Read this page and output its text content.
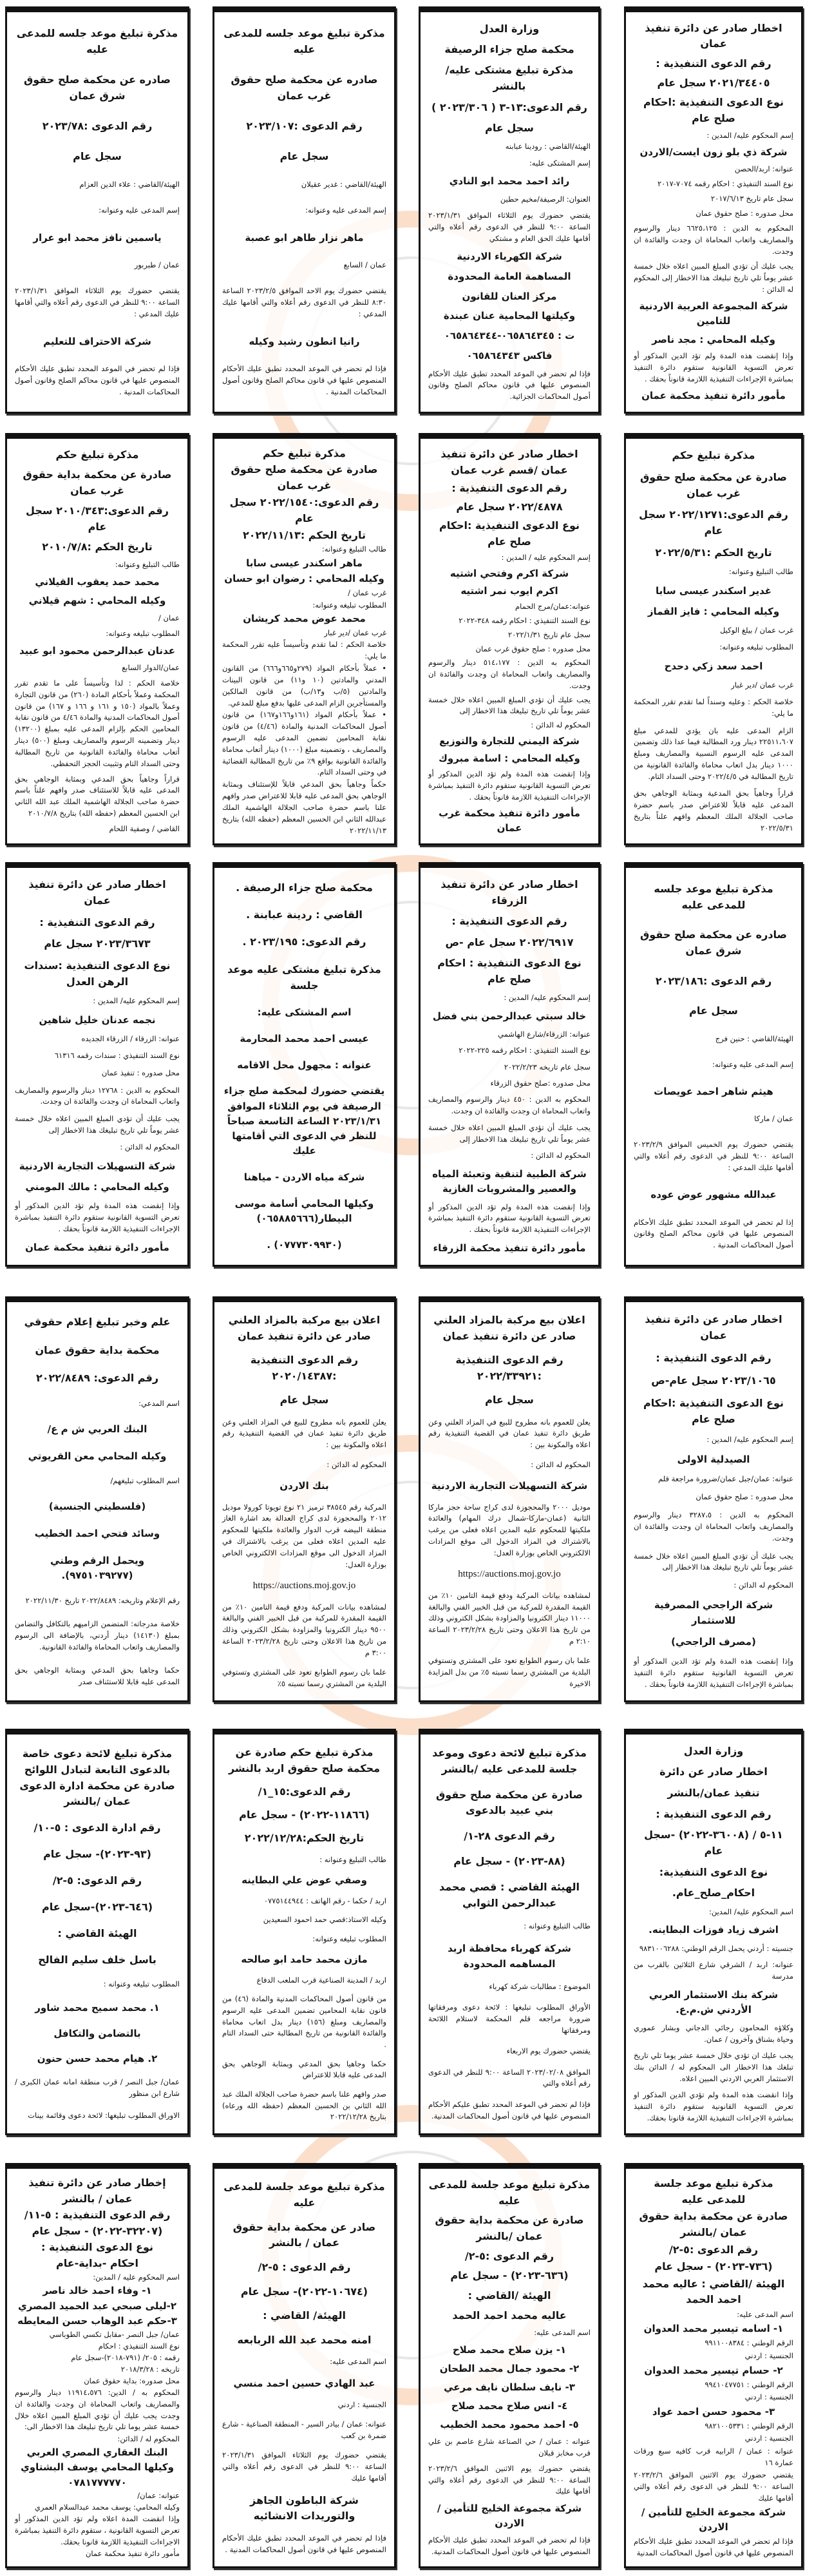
اخطار صادر عن دائرة تنفيذ عمان

رقم الدعوى التنفيذية :

٢٠٢١/٣٤٤٠٥ سجل عام

نوع الدعوى التنفيذية :احكام صلح عام

إسم المحكوم عليه/ المدين :

شركة ذي بلو زون ايست/الاردن

عنوانه: اربد/الحصن

نوع السند التنفيذي : احكام رقمه ٧٠٧٤-٢٠١٧

سجل عام تاريخ ٢٠١٧/٦/١٣

محل صدوره : صلح حقوق عمان

المحكوم به الدين : ٦٦٢٥،١٢٥ دينار والرسوم والمصاريف واتعاب المحاماة ان وجدت والفائدة ان وجدت.

يجب عليك أن تؤدي المبلغ المبين اعلاه خلال خمسة عشر يوماً تلي تاريخ تبليغك هذا الاخطار إلى المحكوم له الدائن :

شركة المجموعة العربية الاردنية للتامين

وكيله المحامي : مجد ناصر

وإذا إنقضت هذه المدة ولم تؤد الدين المذكور أو تعرض التسوية القانونية ستقوم دائرة التنفيذ بمباشرة الإجراءات التنفيذية اللازمة قانوناً بحقك .

مأمور دائرة تنفيذ محكمة عمان

وزارة العدل

محكمة صلح جزاء الرصيفة

مذكرة تبليغ مشتكى عليه/ بالنشر

رقم الدعوى:١٣-٣ ( ٢٠٢٣/٣٠٦ )

سجل عام

الهيئة/القاضي : رودينا عبابنه

إسم المشتكى عليه:

رائد احمد محمد ابو النادي

العنوان: الرصيفة/مخيم حطين

يقتضي حضورك يوم الثلاثاء الموافق ٢٠٢٣/١/٣١ الساعة ٩:٠٠ للنظر في الدعوى رقم أعلاه والتي أقامها عليك الحق العام و مشتكي

شركة الكهرباء الاردنية

المساهمة العامة المحدودة

مركز العنان للقانون

وكيلتها المحامية عنان عبندة

ت : ٠٦٥٨٦٤٣٤٥-٠٦٥٨٦٤٣٤٤

فاكس ٠٦٥٨٦٤٣٤٣

فإذا لم تحضر في الموعد المحدد تطبق عليك الأحكام المنصوص عليها في قانون محاكم الصلح وقانون أصول المحاكمات الجزائية.

مذكرة تبليغ موعد جلسه للمدعى عليه

صادره عن محكمة صلح حقوق غرب عمان

رقم الدعوى :٢٠٢٣/١٠٧

سجل عام

الهيئة/القاضي : غدير عقيلان

إسم المدعى عليه وعنوانه:

ماهر نزار طاهر ابو عصبة

عمان / السابع

يقتضي حضورك يوم الاحد الموافق ٢٠٢٣/٢/٥ الساعة ٨:٣٠ للنظر في الدعوى رقم أعلاه والتي أقامها عليك المدعي :

رانيا انطون رشيد وكيله

فإذا لم تحضر في الموعد المحدد تطبق عليك الأحكام المنصوص عليها في قانون محاكم الصلح وقانون أصول المحاكمات المدنية .

مذكرة تبليغ موعد جلسه للمدعى عليه

صادره عن محكمة صلح حقوق شرق عمان

رقم الدعوى :٢٠٢٣/٧٨

سجل عام

الهيئة/القاضي : علاء الدين العزام

إسم المدعى عليه وعنوانه:

ياسمين نافز محمد ابو عرار

عمان / طبربور

يقتضي حضورك يوم الثلاثاء الموافق ٢٠٢٣/١/٣١ الساعة ٩:٠٠ للنظر في الدعوى رقم أعلاه والتي أقامها عليك المدعي :

شركة الاحتراف للتعليم

فإذا لم تحضر في الموعد المحدد تطبق عليك الأحكام المنصوص عليها في قانون محاكم الصلح وقانون أصول المحاكمات المدنية .

مذكرة تبليغ حكم

صادرة عن محكمة صلح حقوق غرب عمان

رقم الدعوى:٢٠٢٢/١٢٧١ سجل عام

تاريخ الحكم :٢٠٢٢/٥/٣١

طالب التبليغ وعنوانه:

غدير اسكندر عيسى سابا

وكيله المحامي : فايز القماز

غرب عمان / بيلغ الوكيل

المطلوب تبليغه وعنوانه:

احمد سعد زكي دحدح

غرب عمان /دير غبار

خلاصة الحكم : وعليه وسنداً لما تقدم تقرر المحكمة ما يلي:

الزام المدعى عليه بان يؤدي للمدعي مبلغ ٢٢٥١١،٦٠٧ دينار ورد المطالبة فيما عدا ذلك وتضمين المدعى عليه الرسوم النسبية والمصاريف ومبلغ ١٠٠٠ دينار بدل اتعاب محاماة والفائدة القانونية من تاريخ المطالبة في ٢٠٢٢/٤/٥ وحتى السداد التام.

قراراً وجاهياً بحق المدعية وبمثابة الوجاهي بحق المدعى عليه قابلاً للاعتراض صدر باسم حضرة صاحب الجلالة الملك المعظم وافهم علناً بتاريخ ٢٠٢٢/٥/٣١

اخطار صادر عن دائرة تنفيذ عمان /قسم غرب عمان

رقم الدعوى التنفيذية :

٢٠٢٢/٤٨٧٨ سجل عام

نوع الدعوى التنفيذية :احكام صلح عام

إسم المحكوم عليه / المدين :

شركة اكرم وفتحي اشتيه

اكرم ايوب نمر اشتيه

عنوانه:عمان/مرج الحمام

نوع السند التنفيذي : احكام رقمه ٣٤٨-٢٠٢٢

سجل عام تاريخ ٢٠٢٢/١/٣١

محل صدوره : صلح حقوق غرب عمان

المحكوم به الدين : ٥١٤،١٧٧ دينار والرسوم والمصاريف واتعاب المحاماة ان وجدت والفائدة ان وجدت.

يجب عليك أن تؤدي المبلغ المبين اعلاه خلال خمسة عشر يوماً تلي تاريخ تبليغك هذا الاخطار إلى

المحكوم له الدائن :

شركة اليمني للتجارة والتوزيع

وكيله المحامي : اسامة مبروك

وإذا إنقضت هذه المدة ولم تؤد الدين المذكور أو تعرض التسوية القانونية ستقوم دائرة التنفيذ بمباشرة الإجراءات التنفيذية اللازمة قانوناً بحقك .

مأمور دائرة تنفيذ محكمة غرب عمان

مذكرة تبليغ حكم

صادرة عن محكمة صلح حقوق غرب عمان

رقم الدعوى:٢٠٢٢/١٥٤٠ سجل عام

تاريخ الحكم :٢٠٢٢/١١/١٣

طالب التبليغ وعنوانه:

ماهر اسكندر عيسى سابا

وكيله المحامي : رضوان ابو حسان

غرب عمان /

المطلوب تبليغه وعنوانه:

محمد عوض محمد كريشان

غرب عمان /دير غبار

خلاصة الحكم : لما تقدم وتأسيساً عليه تقرر المحكمة ما يلي:

• عملاً بأحكام المواد (٢٧٩و٦٦٥و٦٦٦) من القانون المدني والمادتين (١٠ و١١) من قانون البينات والمادتين (٥/ب و١٣/ب) من قانون المالكين والمستأجرين الزام المدعى عليها بدفع مبلغ للمدعي.

• عملاً بأحكام المواد (١٦١و١٦٦و١٦٧) من قانون أصول المحاكمات المدنية والمادة (٤/٤٦) من قانون نقابة المحامين تضمين المدعى عليه الرسوم والمصاريف ، وتضمينه مبلغ (١٠٠٠) دينار أتعاب محاماة والفائدة القانونية بواقع ٩٪ من تاريخ المطالبة القضائية في وحتى السداد التام.

حكماً وجاهياً بحق المدعي قابلاً للإستئناف وبمثابة الوجاهي بحق المدعى عليه قابلا للاعتراض صدر وافهم علنا باسم حضرة صاحب الجلالة الهاشمية الملك عبدالله الثاني ابن الحسين المعظم (حفظه الله) بتاريخ ٢٠٢٢/١١/١٣

مذكرة تبليغ حكم

صادرة عن محكمة بداية حقوق غرب عمان

رقم الدعوى:٢٠١٠/٣٤٣ سجل عام

تاريخ الحكم :٢٠١٠/٧/٨

طالب التبليغ وعنوانه:

محمد حمد يعقوب القيلاني

وكيله المحامي : شهم قيلاني

عمان /

المطلوب تبليغه وعنوانه:

عدنان عبدالرحمن محمود ابو عبيد

عمان/الدوار السابع

خلاصة الحكم : لذا وتأسيساً على ما تقدم تقرر المحكمة وعملاً بأحكام المادة (٢٦٠) من قانون التجارة وعملاً بالمواد (١٥٠ و ١٦١ و ١٦٦ و ١٦٧) من قانون أصول المحاكمات المدنية والمادة ٤/٤٦ من قانون نقابة المحامين الحكم بإلزام المدعى عليه بمبلغ (١٣٢٠٠) دينار وتضمينه الرسوم والمصاريف ومبلغ (٥٠٠) دينار أتعاب محاماة والفائدة القانونية من تاريخ المطالبة وحتى السداد التام وتثبيت الحجز التحفظي.

قراراً وجاهياً بحق المدعي وبمثابة الوجاهي بحق المدعى عليه قابلاً للاستئناف صدر وافهم علناً باسم حضرة صاحب الجلالة الهاشمية الملك عبد الله الثاني ابن الحسين المعظم (حفظه الله) بتاريخ ٢٠١٠/٧/٨

القاضي / وصفية اللحام

مذكرة تبليغ موعد جلسه للمدعى عليه

صادره عن محكمة صلح حقوق شرق عمان

رقم الدعوى :٢٠٢٣/١٨٦

سجل عام

الهيئة/القاضي : حنين فرج

إسم المدعى عليه وعنوانه:

هيثم شاهر احمد عويصات

عمان / ماركا

يقتضي حضورك يوم الخميس الموافق ٢٠٢٣/٢/٩ الساعة ٩:٠٠ للنظر في الدعوى رقم أعلاه والتي أقامها عليك المدعي :

عبدالله مشهور عوض عوده

إذا لم تحضر في الموعد المحدد تطبق عليك الأحكام المنصوص عليها في قانون محاكم الصلح وقانون أصول المحاكمات المدنية .

اخطار صادر عن دائرة تنفيذ الزرقاء

رقم الدعوى التنفيذية :

٢٠٢٢/٦٩١٧ سجل عام -ص

نوع الدعوى التنفيذية : احكام صلح عام

إسم المحكوم عليه/ المدين :

خالد سبتي عبدالرحمن بني فضل

عنوانه: الزرقاء/شارع الهاشمي

نوع السند التنفيذي : احكام رقمه ٢٢٥-٢٠٢٢

سجل عام تاريخه ٢٠٢٢/٢/٢٣

محل صدوره :صلح حقوق الزرقاء

المحكوم به الدين : ٤٥٠ دينار والرسوم والمصاريف واتعاب المحاماة ان وجدت والفائدة ان وجدت.

يجب عليك أن تؤدي المبلغ المبين اعلاه خلال خمسة عشر يوماً تلي تاريخ تبليغك هذا الاخطار إلى

المحكوم له الدائن :

شركة الطبية لتنقية وتعبئة المياه والعصير والمشروبات الغازية

وإذا إنقضت هذه المدة ولم تؤد الدين المذكور أو تعرض التسوية القانونية ستقوم دائرة التنفيذ بمباشرة الإجراءات التنفيذية اللازمة قانوناً بحقك .

مأمور دائرة تنفيذ محكمة الزرقاء

محكمة صلح جزاء الرصيفة .

القاضي : ردينة عبابنة .

رقم الدعوى: ٢٠٢٣/١٩٥ .

مذكرة تبليغ مشتكى عليه موعد جلسة

اسم المشتكى عليه:

عيسى احمد محمد المحارمة

عنوانه : مجهول محل الاقامه

يقتضي حضورك لمحكمة صلح جزاء الرصيفة في يوم الثلاثاء الموافق ٢٠٢٣/١/٣١ الساعة التاسعة صباحاً للنظر في الدعوى التي أقامتها عليك

شركة مياه الاردن - مياهنا

وكيلها المحامي أسامة موسى البيطار(٠٦٥٨٨٥٦٦٦)

(٠٧٧٧٣٠٩٩٣٠) .

اخطار صادر عن دائرة تنفيذ عمان

رقم الدعوى التنفيذية :

٢٠٢٣/٣٦٧٣ سجل عام

نوع الدعوى التنفيذية :سندات الرهن العدل

إسم المحكوم عليه/ المدين :

نجمه عدنان خليل شاهين

عنوانه: الزرقاء / الزرقاء الجديده

نوع السند التنفيذي : سندات رقمه ٦١٣١٦

محل صدوره : تنفيذ عمان

المحكوم به الدين : ١٢٧٦٨ دينار والرسوم والمصاريف واتعاب المحاماة ان وجدت والفائدة ان وجدت.

يجب عليك أن تؤدي المبلغ المبين اعلاه خلال خمسة عشر يوماً تلي تاريخ تبليغك هذا الاخطار إلى

المحكوم له الدائن :

شركة التسهيلات التجارية الاردنية

وكيله المحامي : مالك المومني

وإذا إنقضت هذه المدة ولم تؤد الدين المذكور أو تعرض التسوية القانونية ستقوم دائرة التنفيذ بمباشرة الإجراءات التنفيذية اللازمة قانوناً بحقك .

مأمور دائرة تنفيذ محكمة عمان

اخطار صادر عن دائرة تنفيذ عمان

رقم الدعوى التنفيذية :

٢٠٢٣/١٠٦٥ سجل عام-ص

نوع الدعوى التنفيذية :احكام صلح عام

إسم المحكوم عليه/ المدين :

الصيدلية الاولى

عنوانه: عمان/جبل عمان/ضرورة مراجعة قلم

محل صدوره : صلح حقوق عمان

المحكوم به الدين : ٣٢٨٧،٥ دينار والرسوم والمصاريف واتعاب المحاماة ان وجدت والفائدة ان وجدت.

يجب عليك أن تؤدي المبلغ المبين اعلاه خلال خمسة عشر يوماً تلي تاريخ تبليغك هذا الاخطار إلى

المحكوم له الدائن :

شركة الراجحي المصرفية للاستثمار

(مصرف الراجحي)

وإذا إنقضت هذه المدة ولم تؤد الدين المذكور أو تعرض التسوية القانونية ستقوم دائرة التنفيذ بمباشرة الإجراءات التنفيذية اللازمة قانوناً بحقك .

اعلان بيع مركبة بالمزاد العلني صادر عن دائرة تنفيذ عمان

رقم الدعوى التنفيذية :٢٠٢٢/٣٣٩٢١

سجل عام

يعلن للعموم بانه مطروح للبيع في المزاد العلني وعن طريق دائرة تنفيذ عمان في القضية التنفيذية رقم اعلاه والمكونة بين :

المحكوم له الدائن :

شركة التسهيلات التجارية الاردنية

موديل ٢٠٠٠ والمحجوزة لدى كراج ساحة حجز ماركا الثانية (عمان-ماركا-شمال درك المهام) والعائدة ملكيتها للمحكوم عليه المدين اعلاه فعلى من يرغب بالاشتراك في المزاد الدخول الى موقع المزادات الالكتروني الخاص بوزارة العدل:

https://auctions.moj.gov.jo

لمشاهده بيانات المركبة ودفع قيمة التامين ١٠٪ من القيمة المقدرة للمركبة من قبل الخبير الفني والبالغة ١١٠٠٠ دينار الكترونيا والمزاودة بشكل الكتروني وذلك من تاريخ هذا الاعلان وحتى تاريخ ٢٠٢٣/٢/٢٨ الساعة ٢:١٠ م

علما بان رسوم الطوابع تعود على المشتري وتستوفي البلدية من المشتري رسما نسبته ٥٪ من بدل المزايدة الاخيرة

اعلان بيع مركبة بالمزاد العلني صادر عن دائرة تنفيذ عمان

رقم الدعوى التنفيذية :٢٠٢٠/١٤٣٨٧

سجل عام

يعلن للعموم بانه مطروح للبيع في المزاد العلني وعن طريق دائرة تنفيذ عمان في القضية التنفيذية رقم اعلاه والمكونة بين :

المحكوم له الدائن :

بنك الاردن

المركبة رقم ٣٨٥٤٥ ترميز ٢١ نوع تويوتا كورولا موديل ٢٠١٢ والمحجوزة لدى كراج العدالة بعد اشارة الغاز منطقة البيضه قرب الدوار والعائدة ملكيتها للمحكوم عليه المدين اعلاه فعلى من يرغب بالاشتراك في المزاد الدخول الى موقع المزادات الالكتروني الخاص بوزارة العدل:

https://auctions.moj.gov.jo

لمشاهده بيانات المركبة ودفع قيمة التامين ١٠٪ من القيمة المقدرة للمركبة من قبل الخبير الفني والبالغة ٩٥٠٠ دينار الكترونيا والمزاودة بشكل الكتروني وذلك من تاريخ هذا الاعلان وحتى تاريخ ٢٠٢٣/٢/٢٨ الساعة ٣:٠٠ م

علما بان رسوم الطوابع تعود على المشتري وتستوفي البلدية من المشتري رسما نسبته ٥٪

علم وخبر تبليغ إعلام حقوقي

محكمة بداية حقوق عمان

رقم الدعوى: ٢٠٢٢/٨٤٨٩

اسم المدعي:

البنك العربي ش م ع/

وكيله المحامي معن القريوتي

اسم المطلوب تبليغهم/

(فلسطيني الجنسية)

وسائد فتحي احمد الخطيب

ويحمل الرقم وطني (٩٧٥١٠٣٩٢٧٧).

رقم الإعلام وتاريخه: ٢٠٢٢/٨٤٨٩ تاريخ ٢٠٢٢/١١/٣٠

خلاصة مدرجاته: المتضمن الزاميهم بالتكافل والتضامن بمبلغ (١٤١٣٠) دينار أردني، بالإضافة الى الرسوم والمصاريف واتعاب المحاماة والفائدة القانونية.

حكما وجاهيا بحق المدعي وبمثابة الوجاهي بحق المدعى عليه قابلا للاستئناف صدر

وزارة العدل

اخطار صادر عن دائرة

تنفيذ عمان/بالنشر

رقم الدعوى التنفيذية :

١١-٥ / (٣٦٠٠٨-٢٠٢٢) -سجل عام

نوع الدعوى التنفيذية:

احكام_صلح_عام.

اسم المحكوم عليه/ المدين:

اشرف زياد فوزات البطاينه.

جنسيته : أردني يحمل الرقم الوطني: ٩٨٣١٠٠٦٢٨٨

عنوانه: اربد / الشرقي شارع الثلاثين بالقرب من مدرسة

شركة بنك الاستثمار العربي الأردني ش.م.ع.

وكلاؤه المحامون رجائي الدجاني وبشار عموري وحياة بشناق وآخرون / عمان.

يجب عليك ان تؤدي خلال خمسة عشر يوما تلي تاريخ تبلغك هذا الاخطار الى المحكوم له / الدائن بنك الاستثمار العربي الاردني المبين اعلاه.

وإذا انقضت هذه المدة ولم تؤدي الدين المذكور او تعرض التسوية القانونية ستقوم دائرة التنفيذ بمباشرة الاجراءات التنفيذية اللازمة قانونا بحقك.

مذكرة تبليغ لائحة دعوى وموعد جلسة للمدعى عليه /بالنشر

صادرة عن محكمة صلح حقوق بني عبيد بالدعوى

رقم الدعوى ٢٨-١/

(٨٨-٢٠٢٣) - سجل عام

الهيئة القاضي : قصي محمد عبدالرحمن الثوابي

طالب التبليغ وعنوانه :

شركة كهرباء محافظة اربد المساهمه المحدودة

الموضوع : مطالبات شركة كهرباء

الأوراق المطلوب تبليغها : لائحة دعوى ومرفقاتها ضرورة مراجعه قلم المحكمة لاستلام اللائحة ومرفقاتها

يقتضي حضورك يوم الاربعاء

الموافق ٢٠٢٣/٠٢/٠٨ الساعة ٩:٠٠ للنظر في الدعوى رقم أعلاه والتي

فإذا لم تحضر في الموعد المحدد تطبق عليكم الأحكام المنصوص عليها في قانون أصول المحاكمات المدنية.

مذكرة تبليغ حكم صادرة عن محكمة صلح حقوق اربد بالنشر

رقم الدعوى:١٥_١/

(١١٨٦٦-٢٠٢٢) - سجل عام

تاريخ الحكم:٢٠٢٢/١٢/٢٨

طالب التبليغ وعنوانه :

وصفي عوض علي البطاينه

اربد / حكما - رقم الهاتف : ٠٧٧٥١٤٤٩٤٤

وكيله الاستاذ:قصي حمد احمود السعيدين

المطلوب تبليغه وعنوانه:

مازن محمد حامد ابو صالحه

اربد / المدينة الصناعية قرب الملعب الدفاع

من قانون أصول المحاكمات المدنية والمادة (٤٦) من قانون نقابة المحامين تضمين المدعى عليه الرسوم والمصاريف ومبلغ (١٥٦) دينار بدل اتعاب محاماة والفائدة القانونية من تاريخ المطالبة حتى السداد التام .

حكما وجاهيا بحق المدعي وبمثابة الوجاهي بحق المدعى عليه قابلا للاعتراض

صدر وافهم علنا باسم حضرة صاحب الجلالة الملك عبد الله الثاني بن الحسين المعظم (حفظه الله ورعاه) بتاريخ ٢٠٢٢/١٢/٢٨

مذكرة تبليغ لائحة دعوى خاصة بالدعوى التابعة لتبادل اللوائح صادرة عن محكمة ادارة الدعوى عمان /بالنشر

رقم ادارة الدعوى : ٥-١٠/

(٩٣-٢٠٢٣)- سجل عام

رقم الدعوى: ٥-٢/

(٦٤٦-٢٠٢٣)-سجل عام

الهيئة القاضي :

باسل خلف سليم الفالح

المطلوب تبليغه وعنوانه :

١. محمد سميح محمد شاور

بالتضامن والتكافل

٢. هيام محمد حسن حنون

عمان/ جبل النصر / قرب منطقة امانه عمان الكبرى / شارع ابن منظور

الاوراق المطلوب تبليغها: لائحة دعوى وقائمة بينات

مذكرة تبليغ موعد جلسة للمدعى عليه

صادرة عن محكمة بداية حقوق عمان /بالنشر

رقم الدعوى :٥-٢/

(٧٣٦-٢٠٢٣) - سجل عام

الهيئة /القاضي : عاليه محمد احمد الحمد

اسم المدعى عليه:

١- اسامه تيسير محمد العدوان

الرقم الوطني : ٩٩١١٠٠٨٣٨٤

الجنسية : اردني

٢- حسام تيسير محمد العدوان

الرقم الوطني : ٩٩٤١٠٤٧٧٥١

الجنسية : اردني

٣- محمود حسن احمد عواد

الرقم الوطني : ٩٨٢١٠٠٥٣٣١

الجنسية : اردني

عنوانه : عمان / الرابيه قرب كافيه سبع ورقات عمارة ١٦

يقتضي حضورك يوم الاثنين الموافق ٢٠٢٣/٢/٦ الساعة ٩:٠٠ للنظر في الدعوى رقم أعلاه والتي أقامها عليك

شركة مجموعة الخليج للتأمين / الاردن

فإذا لم تحضر في الموعد المحدد تطبق عليك الأحكام المنصوص عليها في قانون أصول المحاكمات المدنية

مذكرة تبليغ موعد جلسة للمدعى عليه

صادرة عن محكمة بداية حقوق عمان /بالنشر

رقم الدعوى :٥-٢/

(٦٣٦-٢٠٢٣) - سجل عام

الهيئة /القاضي :

عاليه محمد احمد الحمد

اسم المدعى عليه:

١- يزن صلاح محمد صلاح

٢- محمود جمال محمد الطحان

٣- نايف سلطان نايف مرعي

٤- انس صلاح محمد صلاح

٥- احمد محمود محمد الخطيب

عنوانه : عمان / حي الصناعة شارع عاصم بن علي قرب مخابز قبلان

يقتضي حضورك يوم الاثنين الموافق ٢٠٢٣/٢/٦ الساعة ٩:٠٠ للنظر في الدعوى رقم أعلاه والتي أقامها عليك

شركة مجموعة الخليج للتأمين / الاردن

فإذا لم تحضر في الموعد المحدد تطبق عليك الأحكام المنصوص عليها في قانون أصول المحاكمات المدنية.

مذكرة تبليغ موعد جلسة للمدعى عليه

صادر عن محكمة بداية حقوق عمان / بالنشر

رقم الدعوى : ٥-٢/

(١٠٦٧٤-٢٠٢٢)- سجل عام

الهيئة/ القاضي :

امنه محمد عبد الله الربابعه

اسم المدعى عليه:

عبد الهادي حسين احمد منسي

الجنسية : اردني

عنوانه: عمان / بيادر السير - المنطقة الصناعية - شارع ضمرة بن كعب

يقتضي حضورك يوم الثلاثاء الموافق ٢٠٢٣/١/٣١ الساعة ٩:٠٠ للنظر في الدعوى رقم أعلاه والتي أقامها عليك

شركة الباطون الجاهز والتوريدات الانشائيه

فإذا لم تحضر في الموعد المحدد تطبق عليك الأحكام المنصوص عليها في قانون أصول المحاكمات المدنية .

إخطار صادر عن دائرة تنفيذ عمان / بالنشر

رقم الدعوى التنفيذية : ٥-١١/

(٣٢٢٠٧-٢٠٢٢) - سجل عام

نوع الدعوى التنفيذية :

احكام -بداية-عام

اسم المحكوم عليه / المدين:

١- وفاء احمد خالد ناصر

٢-ليلى صبحي عبد الحميد المصري

٣-حكم عبد الوهاب حسن المعايطه

عمان/ جبل النصر -مقابل تكسي الطوباسي

نوع السند التنفيذي : احكام

رقمه : ٢٠٥/ (٧٩١-٢٠١٨)-سجل عام

تاريخه : ٢٠١٨/٣/٢٨

محل صدوره: بداية حقوق عمان

المحكوم به / الدين: ١١٩١٤،٥٧٦ دينار والرسوم والمصاريف واتعاب المحاماة ان وجدت والفائدة ان وجدت يجب عليك أن تؤدي المبلغ المبين اعلاه خلال خمسة عشر يوما تلي تاريخ تبليغك هذا الاخطار الى:

المحكوم له / الدائن:

البنك العقاري المصري العربي

وكيلها المحامي يوسف البشتاوي

٠٧٨١٧٧٧٧٧٠

عنوانه: عمان/

وكيله المحامي: يوسف محمد عبدالسلام العمري

وإذا انقضت المدة اعلاه ولم تؤد الدين المذكور أو تعرض التسوية القانونية ، ستقوم دائرة التنفيذ بمباشرة الاجراءات التنفيذية اللازمة قانونا بحقك.

مأمور دائرة تنفيذ محكمة عمان
